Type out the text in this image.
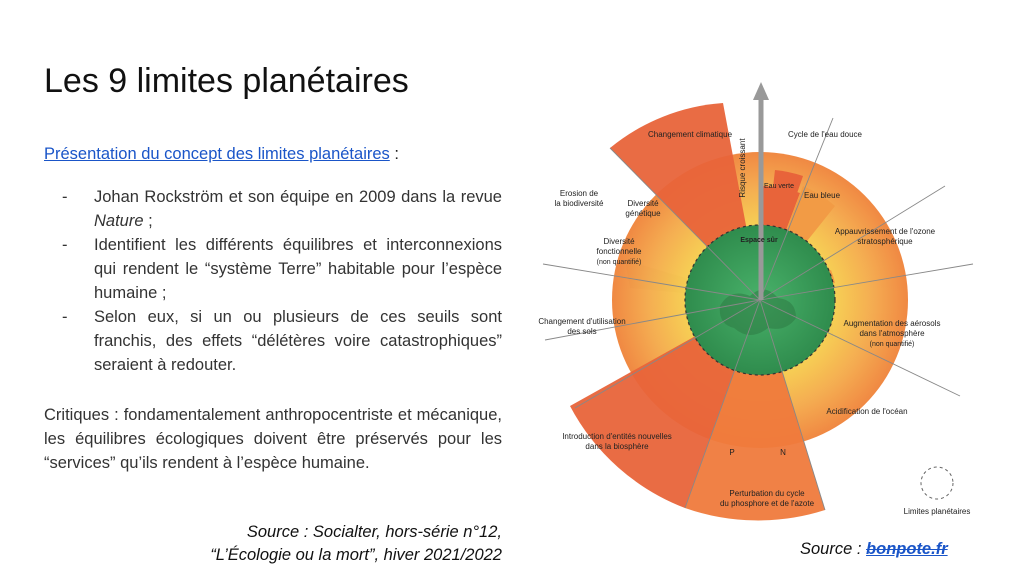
Les 9 limites planétaires
Présentation du concept des limites planétaires :
- Johan Rockström et son équipe en 2009 dans la revue Nature ;
- Identifient les différents équilibres et interconnexions qui rendent le “système Terre” habitable pour l’espèce humaine ;
- Selon eux, si un ou plusieurs de ces seuils sont franchis, des effets “délétères voire catastrophiques” seraient à redouter.

Critiques : fondamentalement anthropocentriste et mécanique, les équilibres écologiques doivent être préservés pour les “services” qu’ils rendent à l’espèce humaine.

Source : Socialter, hors-série n°12,
“L’Écologie ou la mort”, hiver 2021/2022	Source : bonpote.fr
Risque croissant
Espace sûr
Changement climatique	Cycle de l'eau douce
Eau verte
Eau bleue
Appauvrissement de l'ozone
stratosphérique
Augmentation des aérosols
dans l'atmosphère
(non quantifié)
Acidification de l'océan
Perturbation du cycle
du phosphore et de l'azote
P	N
Introduction d'entités nouvelles
dans la biosphère
Changement d'utilisation
des sols
Diversité
fonctionnelle
(non quantifié)
Erosion de
la biodiversité	Diversité
génétique
Limites planétaires
